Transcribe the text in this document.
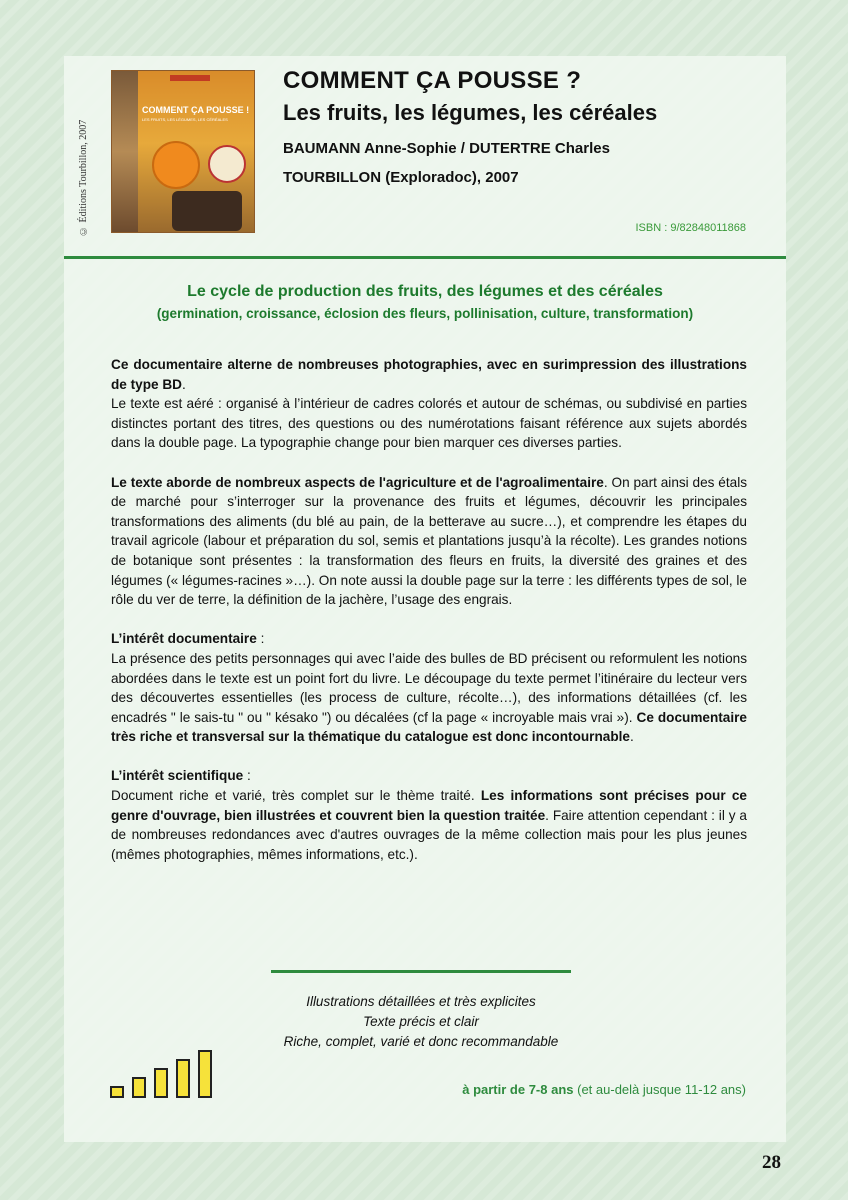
© Éditions Tourbillon, 2007
COMMENT ÇA POUSSE !
LES FRUITS, LES LÉGUMES, LES CÉRÉALES
COMMENT ÇA POUSSE ?
Les fruits, les légumes, les céréales
BAUMANN Anne-Sophie / DUTERTRE Charles
TOURBILLON (Exploradoc), 2007
ISBN : 9/82848011868
Le cycle de production des fruits, des légumes et des céréales
(germination, croissance, éclosion des fleurs, pollinisation, culture, transformation)

Ce documentaire alterne de nombreuses photographies, avec en surimpression des illustrations de type BD.
Le texte est aéré : organisé à l’intérieur de cadres colorés et autour de schémas, ou subdivisé en parties distinctes portant des titres, des questions ou des numérotations faisant référence aux sujets abordés dans la double page. La typographie change pour bien marquer ces diverses parties.

Le texte aborde de nombreux aspects de l'agriculture et de l'agroalimentaire. On part ainsi des étals de marché pour s’interroger sur la provenance des fruits et légumes, découvrir les principales transformations des aliments (du blé au pain, de la betterave au sucre…), et comprendre les étapes du travail agricole (labour et préparation du sol, semis et plantations jusqu’à la récolte). Les grandes notions de botanique sont présentes : la transformation des fleurs en fruits, la diversité des graines et des légumes (« légumes-racines »…). On note aussi la double page sur la terre : les différents types de sol, le rôle du ver de terre, la définition de la jachère, l’usage des engrais.

L’intérêt documentaire :
La présence des petits personnages qui avec l’aide des bulles de BD précisent ou reformulent les notions abordées dans le texte est un point fort du livre. Le découpage du texte permet l’itinéraire du lecteur vers des découvertes essentielles (les process de culture, récolte…), des informations détaillées (cf. les encadrés " le sais-tu " ou " késako ") ou décalées (cf la page « incroyable mais vrai »). Ce documentaire très riche et transversal sur la thématique du catalogue est donc incontournable.

L’intérêt scientifique :
Document riche et varié, très complet sur le thème traité. Les informations sont précises pour ce genre d'ouvrage, bien illustrées et couvrent bien la question traitée. Faire attention cependant : il y a de nombreuses redondances avec d'autres ouvrages de la même collection mais pour les plus jeunes (mêmes photographies, mêmes informations, etc.).

Illustrations détaillées et très explicites
Texte précis et clair
Riche, complet, varié et donc recommandable
à partir de 7-8 ans (et au-delà jusque 11-12 ans)
28
